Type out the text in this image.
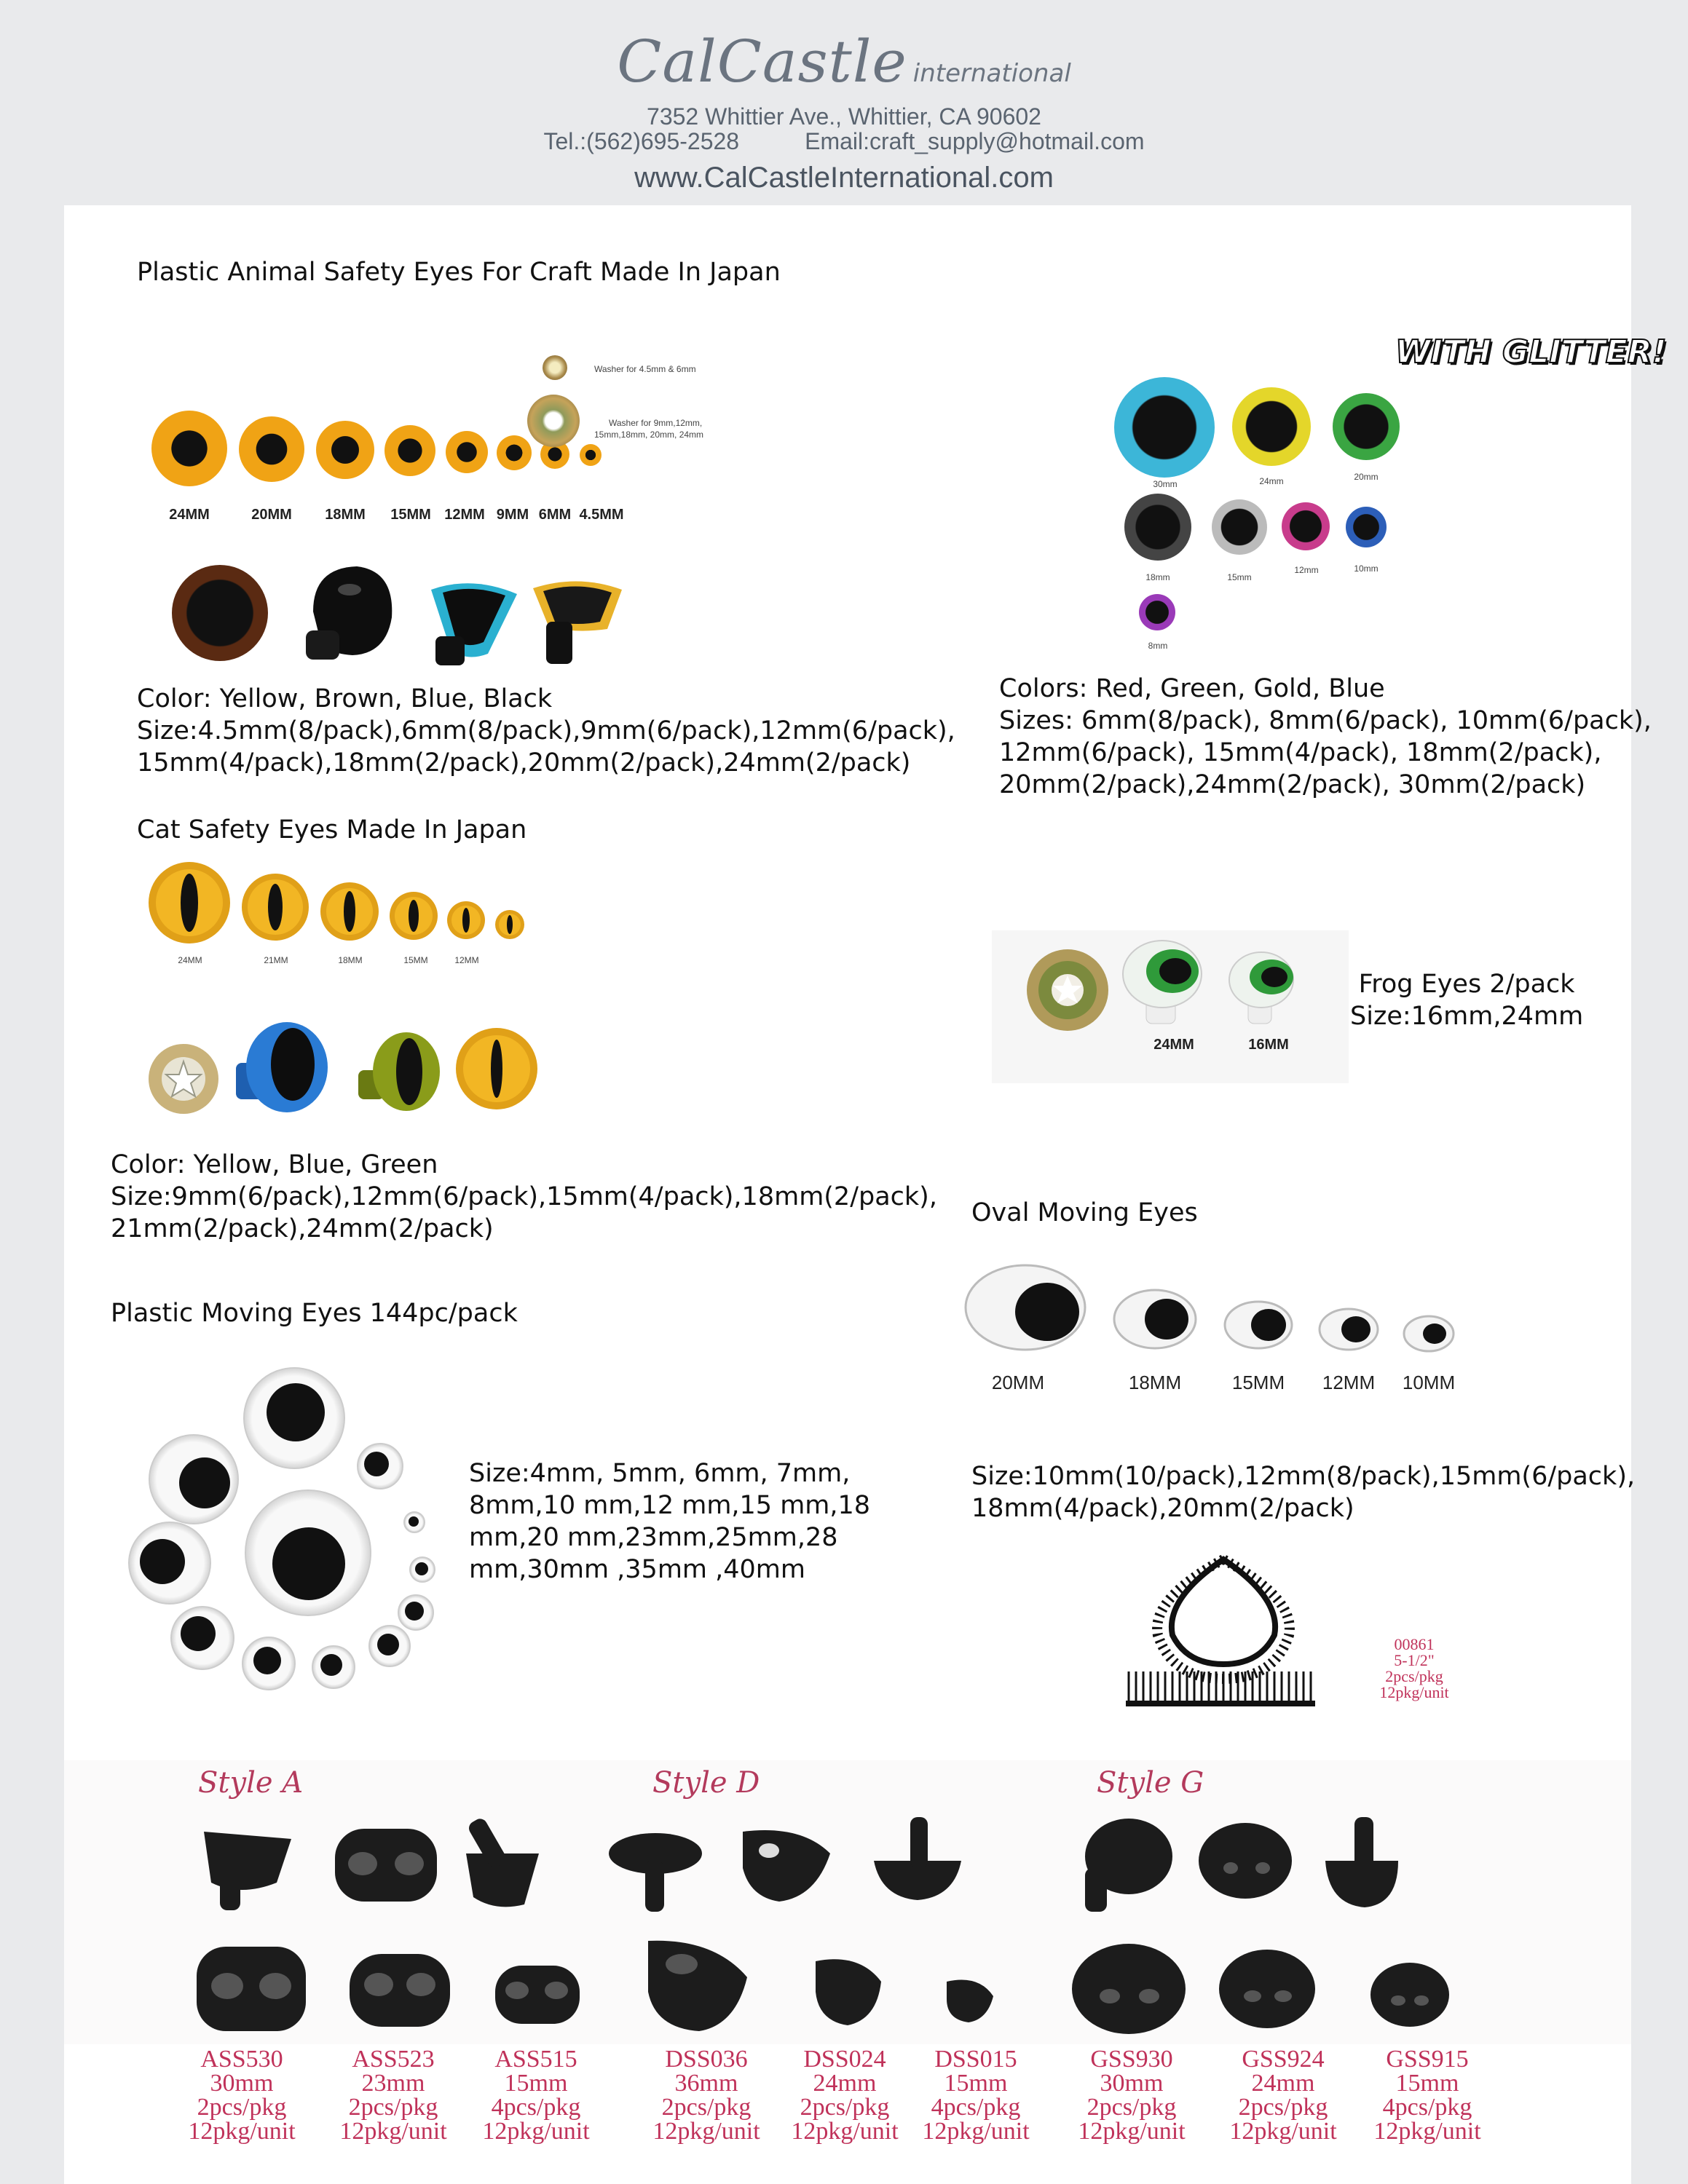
CalCastle international
7352 Whittier Ave., Whittier, CA 90602
Tel.:(562)695-2528	Email:craft_supply@hotmail.com
www.CalCastleInternational.com
Plastic Animal Safety Eyes For Craft Made In Japan
Washer for 4.5mm & 6mm
Washer for 9mm,12mm,
15mm,18mm, 20mm, 24mm
24MM	20MM	18MM	15MM 12MM 9MM 6MM 4.5MM
Color: Yellow, Brown, Blue, Black
Size:4.5mm(8/pack),6mm(8/pack),9mm(6/pack),12mm(6/pack),
15mm(4/pack),18mm(2/pack),20mm(2/pack),24mm(2/pack)
WITH GLITTER!
30mm	24mm	20mm
18mm	15mm
12mm	10mm
8mm
Colors: Red, Green, Gold, Blue
Sizes: 6mm(8/pack), 8mm(6/pack), 10mm(6/pack),
12mm(6/pack), 15mm(4/pack), 18mm(2/pack),
20mm(2/pack),24mm(2/pack), 30mm(2/pack)
Cat Safety Eyes Made In Japan
24MM	21MM	18MM	15MM	12MM
Color: Yellow, Blue, Green
Size:9mm(6/pack),12mm(6/pack),15mm(4/pack),18mm(2/pack),
21mm(2/pack),24mm(2/pack)
24MM	16MM
Frog Eyes 2/pack
Size:16mm,24mm
Oval Moving Eyes
20MM	18MM	15MM	12MM	10MM
Size:10mm(10/pack),12mm(8/pack),15mm(6/pack),
18mm(4/pack),20mm(2/pack)
Plastic Moving Eyes 144pc/pack
Size:4mm, 5mm, 6mm, 7mm,
8mm,10 mm,12 mm,15 mm,18
mm,20 mm,23mm,25mm,28
mm,30mm ,35mm ,40mm
00861
5-1/2"
2pcs/pkg
12pkg/unit
Style A	Style D	Style G
ASS530
30mm
2pcs/pkg
12pkg/unit
ASS523
23mm
2pcs/pkg
12pkg/unit
ASS515
15mm
4pcs/pkg
12pkg/unit
DSS036
36mm
2pcs/pkg
12pkg/unit
DSS024
24mm
2pcs/pkg
12pkg/unit
DSS015
15mm
4pcs/pkg
12pkg/unit
GSS930
30mm
2pcs/pkg
12pkg/unit
GSS924
24mm
2pcs/pkg
12pkg/unit
GSS915
15mm
4pcs/pkg
12pkg/unit
